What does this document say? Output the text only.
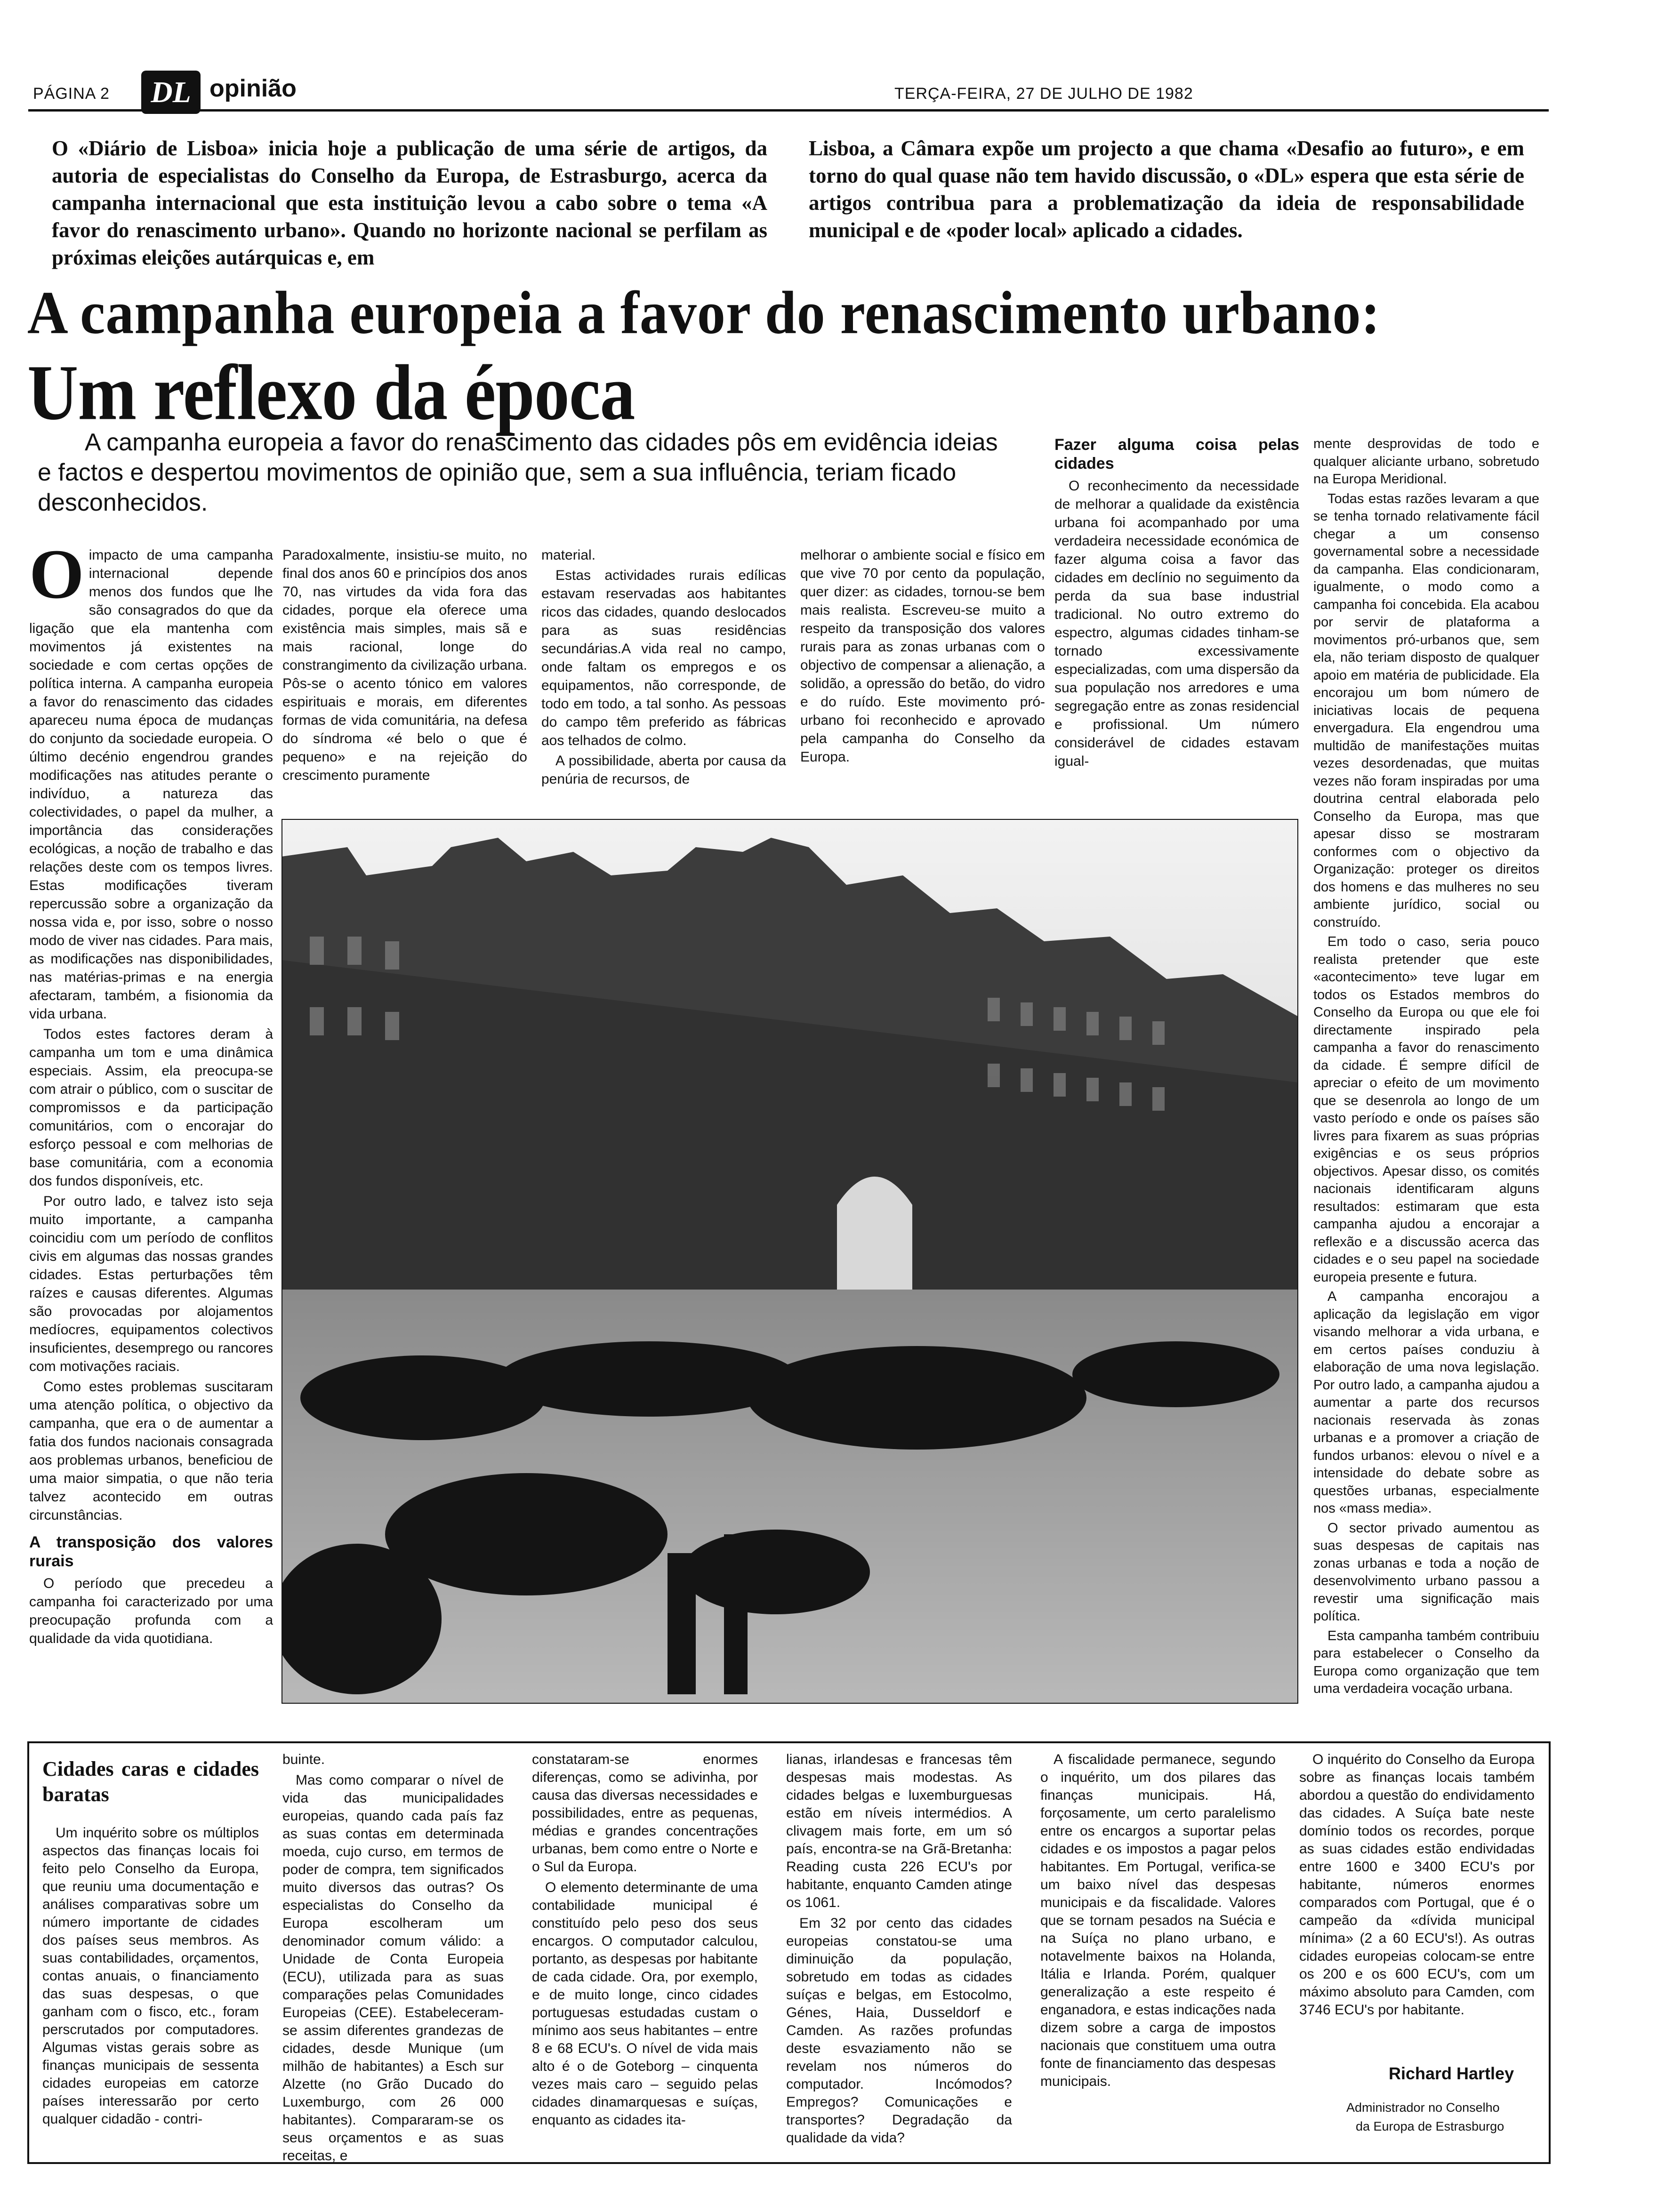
PÁGINA 2 DL opinião	TERÇA-FEIRA, 27 DE JULHO DE 1982
O «Diário de Lisboa» inicia hoje a publicação de uma série de artigos, da autoria de especialistas do Conselho da Europa, de Estrasburgo, acerca da campanha internacional que esta instituição levou a cabo sobre o tema «A favor do renascimento urbano». Quando no horizonte nacional se perfilam as próximas eleições autárquicas e, em
Lisboa, a Câmara expõe um projecto a que chama «Desafio ao futuro», e em torno do qual quase não tem havido discussão, o «DL» espera que esta série de artigos contribua para a problematização da ideia de responsabilidade municipal e de «poder local» aplicado a cidades.
A campanha europeia a favor do renascimento urbano:
Um reflexo da época
A campanha europeia a favor do renascimento das cidades pôs em evidência ideias e factos e despertou movimentos de opinião que, sem a sua influência, teriam ficado desconhecidos.
O impacto de uma campanha internacional depende menos dos fundos que lhe são consagrados do que da ligação que ela mantenha com movimentos já existentes na sociedade e com certas opções de política interna. A campanha europeia a favor do renascimento das cidades apareceu numa época de mudanças do conjunto da sociedade europeia. O último decénio engendrou grandes modificações nas atitudes perante o indivíduo, a natureza das colectividades, o papel da mulher, a importância das considerações ecológicas, a noção de trabalho e das relações deste com os tempos livres. Estas modificações tiveram repercussão sobre a organização da nossa vida e, por isso, sobre o nosso modo de viver nas cidades. Para mais, as modificações nas disponibilidades, nas matérias-primas e na energia afectaram, também, a fisionomia da vida urbana.

Todos estes factores deram à campanha um tom e uma dinâmica especiais. Assim, ela preocupa-se com atrair o público, com o suscitar de compromissos e da participação comunitários, com o encorajar do esforço pessoal e com melhorias de base comunitária, com a economia dos fundos disponíveis, etc.

Por outro lado, e talvez isto seja muito importante, a campanha coincidiu com um período de conflitos civis em algumas das nossas grandes cidades. Estas perturbações têm raízes e causas diferentes. Algumas são provocadas por alojamentos medíocres, equipamentos colectivos insuficientes, desemprego ou rancores com motivações raciais.

Como estes problemas suscitaram uma atenção política, o objectivo da campanha, que era o de aumentar a fatia dos fundos nacionais consagrada aos problemas urbanos, beneficiou de uma maior simpatia, o que não teria talvez acontecido em outras circunstâncias.

A transposição dos valores rurais

O período que precedeu a campanha foi caracterizado por uma preocupação profunda com a qualidade da vida quotidiana.

Paradoxalmente, insistiu-se muito, no final dos anos 60 e princípios dos anos 70, nas virtudes da vida fora das cidades, porque ela oferece uma existência mais simples, mais sã e mais racional, longe do constrangimento da civilização urbana. Pôs-se o acento tónico em valores espirituais e morais, em diferentes formas de vida comunitária, na defesa do síndroma «é belo o que é pequeno» e na rejeição do crescimento puramente

material.

Estas actividades rurais edílicas estavam reservadas aos habitantes ricos das cidades, quando deslocados para as suas residências secundárias.A vida real no campo, onde faltam os empregos e os equipamentos, não corresponde, de todo em todo, a tal sonho. As pessoas do campo têm preferido as fábricas aos telhados de colmo.

A possibilidade, aberta por causa da penúria de recursos, de

melhorar o ambiente social e físico em que vive 70 por cento da população, quer dizer: as cidades, tornou-se bem mais realista. Escreveu-se muito a respeito da transposição dos valores rurais para as zonas urbanas com o objectivo de compensar a alienação, a solidão, a opressão do betão, do vidro e do ruído. Este movimento pró-urbano foi reconhecido e aprovado pela campanha do Conselho da Europa.

Fazer alguma coisa pelas cidades

O reconhecimento da necessidade de melhorar a qualidade da existência urbana foi acompanhado por uma verdadeira necessidade económica de fazer alguma coisa a favor das cidades em declínio no seguimento da perda da sua base industrial tradicional. No outro extremo do espectro, algumas cidades tinham-se tornado excessivamente especializadas, com uma dispersão da sua população nos arredores e uma segregação entre as zonas residencial e profissional. Um número considerável de cidades estavam igual-

mente desprovidas de todo e qualquer aliciante urbano, sobretudo na Europa Meridional.

Todas estas razões levaram a que se tenha tornado relativamente fácil chegar a um consenso governamental sobre a necessidade da campanha. Elas condicionaram, igualmente, o modo como a campanha foi concebida. Ela acabou por servir de plataforma a movimentos pró-urbanos que, sem ela, não teriam disposto de qualquer apoio em matéria de publicidade. Ela encorajou um bom número de iniciativas locais de pequena envergadura. Ela engendrou uma multidão de manifestações muitas vezes desordenadas, que muitas vezes não foram inspiradas por uma doutrina central elaborada pelo Conselho da Europa, mas que apesar disso se mostraram conformes com o objectivo da Organização: proteger os direitos dos homens e das mulheres no seu ambiente jurídico, social ou construído.

Em todo o caso, seria pouco realista pretender que este «acontecimento» teve lugar em todos os Estados membros do Conselho da Europa ou que ele foi directamente inspirado pela campanha a favor do renascimento da cidade. É sempre difícil de apreciar o efeito de um movimento que se desenrola ao longo de um vasto período e onde os países são livres para fixarem as suas próprias exigências e os seus próprios objectivos. Apesar disso, os comités nacionais identificaram alguns resultados: estimaram que esta campanha ajudou a encorajar a reflexão e a discussão acerca das cidades e o seu papel na sociedade europeia presente e futura.

A campanha encorajou a aplicação da legislação em vigor visando melhorar a vida urbana, e em certos países conduziu à elaboração de uma nova legislação. Por outro lado, a campanha ajudou a aumentar a parte dos recursos nacionais reservada às zonas urbanas e a promover a criação de fundos urbanos: elevou o nível e a intensidade do debate sobre as questões urbanas, especialmente nos «mass media».

O sector privado aumentou as suas despesas de capitais nas zonas urbanas e toda a noção de desenvolvimento urbano passou a revestir uma significação mais política.

Esta campanha também contribuiu para estabelecer o Conselho da Europa como organização que tem uma verdadeira vocação urbana.

Cidades caras e cidades baratas

Um inquérito sobre os múltiplos aspectos das finanças locais foi feito pelo Conselho da Europa, que reuniu uma documentação e análises comparativas sobre um número importante de cidades dos países seus membros. As suas contabilidades, orçamentos, contas anuais, o financiamento das suas despesas, o que ganham com o fisco, etc., foram perscrutados por computadores. Algumas vistas gerais sobre as finanças municipais de sessenta cidades europeias em catorze países interessarão por certo qualquer cidadão - contri-

buinte.

Mas como comparar o nível de vida das municipalidades europeias, quando cada país faz as suas contas em determinada moeda, cujo curso, em termos de poder de compra, tem significados muito diversos das outras? Os especialistas do Conselho da Europa escolheram um denominador comum válido: a Unidade de Conta Europeia (ECU), utilizada para as suas comparações pelas Comunidades Europeias (CEE). Estabeleceram-se assim diferentes grandezas de cidades, desde Munique (um milhão de habitantes) a Esch sur Alzette (no Grão Ducado do Luxemburgo, com 26 000 habitantes). Compararam-se os seus orçamentos e as suas receitas, e

constataram-se enormes diferenças, como se adivinha, por causa das diversas necessidades e possibilidades, entre as pequenas, médias e grandes concentrações urbanas, bem como entre o Norte e o Sul da Europa.

O elemento determinante de uma contabilidade municipal é constituído pelo peso dos seus encargos. O computador calculou, portanto, as despesas por habitante de cada cidade. Ora, por exemplo, e de muito longe, cinco cidades portuguesas estudadas custam o mínimo aos seus habitantes – entre 8 e 68 ECU's. O nível de vida mais alto é o de Goteborg – cinquenta vezes mais caro – seguido pelas cidades dinamarquesas e suíças, enquanto as cidades ita-

lianas, irlandesas e francesas têm despesas mais modestas. As cidades belgas e luxemburguesas estão em níveis intermédios. A clivagem mais forte, em um só país, encontra-se na Grã-Bretanha: Reading custa 226 ECU's por habitante, enquanto Camden atinge os 1061.

Em 32 por cento das cidades europeias constatou-se uma diminuição da população, sobretudo em todas as cidades suíças e belgas, em Estocolmo, Génes, Haia, Dusseldorf e Camden. As razões profundas deste esvaziamento não se revelam nos números do computador. Incómodos? Empregos? Comunicações e transportes? Degradação da qualidade da vida?

A fiscalidade permanece, segundo o inquérito, um dos pilares das finanças municipais. Há, forçosamente, um certo paralelismo entre os encargos a suportar pelas cidades e os impostos a pagar pelos habitantes. Em Portugal, verifica-se um baixo nível das despesas municipais e da fiscalidade. Valores que se tornam pesados na Suécia e na Suíça no plano urbano, e notavelmente baixos na Holanda, Itália e Irlanda. Porém, qualquer generalização a este respeito é enganadora, e estas indicações nada dizem sobre a carga de impostos nacionais que constituem uma outra fonte de financiamento das despesas municipais.

O inquérito do Conselho da Europa sobre as finanças locais também abordou a questão do endividamento das cidades. A Suíça bate neste domínio todos os recordes, porque as suas cidades estão endividadas entre 1600 e 3400 ECU's por habitante, números enormes comparados com Portugal, que é o campeão da «dívida municipal mínima» (2 a 60 ECU's!). As outras cidades europeias colocam-se entre os 200 e os 600 ECU's, com um máximo absoluto para Camden, com 3746 ECU's por habitante.

Richard Hartley
Administrador no Conselho
da Europa de Estrasburgo
